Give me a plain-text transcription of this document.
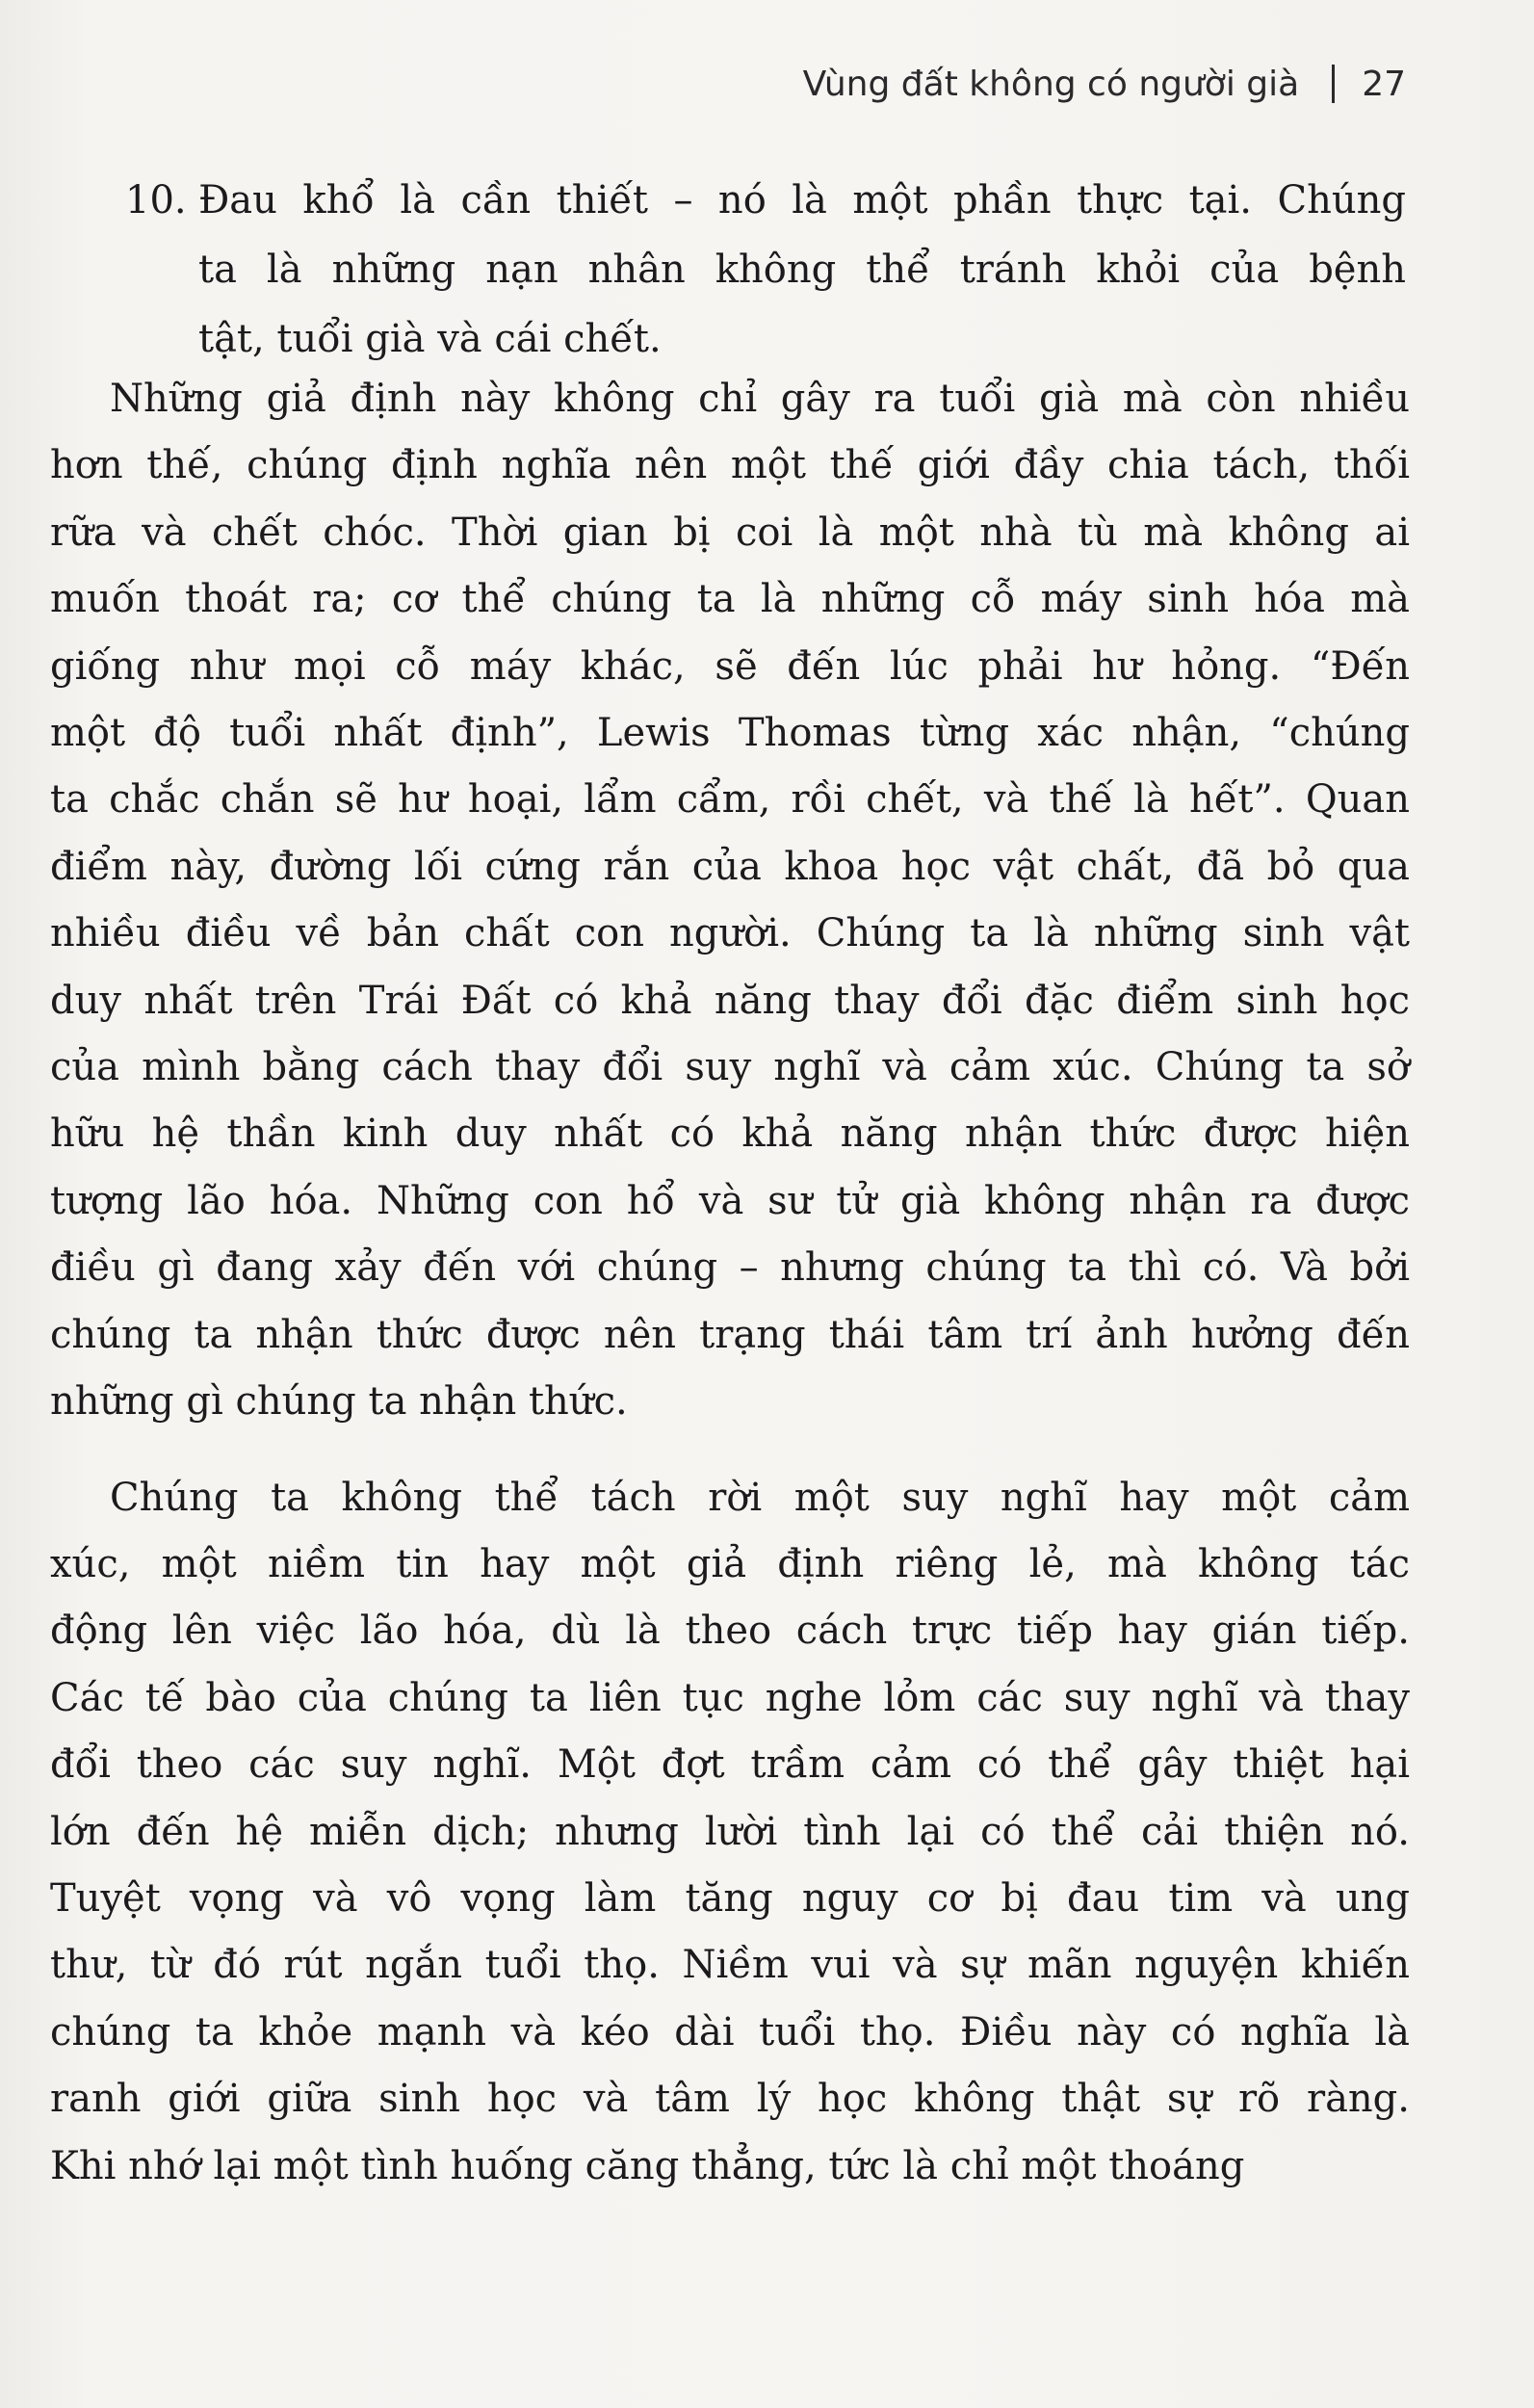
Vùng đất không có người già 27
10. Đau khổ là cần thiết – nó là một phần thực tại. Chúng
ta là những nạn nhân không thể tránh khỏi của bệnh
tật, tuổi già và cái chết.
Những giả định này không chỉ gây ra tuổi già mà còn nhiều
hơn thế, chúng định nghĩa nên một thế giới đầy chia tách, thối
rữa và chết chóc. Thời gian bị coi là một nhà tù mà không ai
muốn thoát ra; cơ thể chúng ta là những cỗ máy sinh hóa mà
giống như mọi cỗ máy khác, sẽ đến lúc phải hư hỏng. “Đến
một độ tuổi nhất định”, Lewis Thomas từng xác nhận, “chúng
ta chắc chắn sẽ hư hoại, lẩm cẩm, rồi chết, và thế là hết”. Quan
điểm này, đường lối cứng rắn của khoa học vật chất, đã bỏ qua
nhiều điều về bản chất con người. Chúng ta là những sinh vật
duy nhất trên Trái Đất có khả năng thay đổi đặc điểm sinh học
của mình bằng cách thay đổi suy nghĩ và cảm xúc. Chúng ta sở
hữu hệ thần kinh duy nhất có khả năng nhận thức được hiện
tượng lão hóa. Những con hổ và sư tử già không nhận ra được
điều gì đang xảy đến với chúng – nhưng chúng ta thì có. Và bởi
chúng ta nhận thức được nên trạng thái tâm trí ảnh hưởng đến
những gì chúng ta nhận thức.
Chúng ta không thể tách rời một suy nghĩ hay một cảm
xúc, một niềm tin hay một giả định riêng lẻ, mà không tác
động lên việc lão hóa, dù là theo cách trực tiếp hay gián tiếp.
Các tế bào của chúng ta liên tục nghe lỏm các suy nghĩ và thay
đổi theo các suy nghĩ. Một đợt trầm cảm có thể gây thiệt hại
lớn đến hệ miễn dịch; nhưng lười tình lại có thể cải thiện nó.
Tuyệt vọng và vô vọng làm tăng nguy cơ bị đau tim và ung
thư, từ đó rút ngắn tuổi thọ. Niềm vui và sự mãn nguyện khiến
chúng ta khỏe mạnh và kéo dài tuổi thọ. Điều này có nghĩa là
ranh giới giữa sinh học và tâm lý học không thật sự rõ ràng.
Khi nhớ lại một tình huống căng thẳng, tức là chỉ một thoáng
